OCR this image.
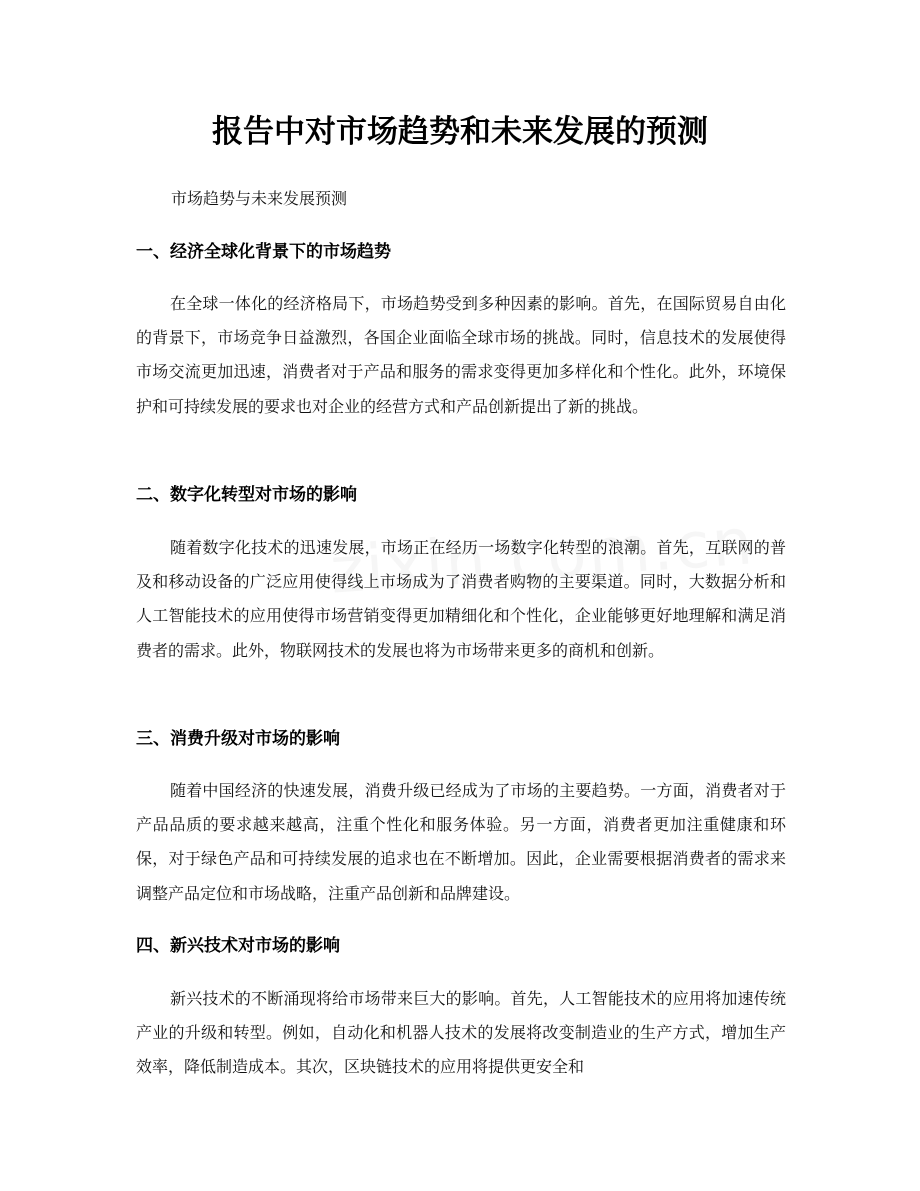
报告中对市场趋势和未来发展的预测

市场趋势与未来发展预测

一、经济全球化背景下的市场趋势

在全球一体化的经济格局下，市场趋势受到多种因素的影响。首先，在国际贸易自由化的背景下，市场竞争日益激烈，各国企业面临全球市场的挑战。同时，信息技术的发展使得市场交流更加迅速，消费者对于产品和服务的需求变得更加多样化和个性化。此外，环境保护和可持续发展的要求也对企业的经营方式和产品创新提出了新的挑战。

二、数字化转型对市场的影响

随着数字化技术的迅速发展，市场正在经历一场数字化转型的浪潮。首先，互联网的普及和移动设备的广泛应用使得线上市场成为了消费者购物的主要渠道。同时，大数据分析和人工智能技术的应用使得市场营销变得更加精细化和个性化，企业能够更好地理解和满足消费者的需求。此外，物联网技术的发展也将为市场带来更多的商机和创新。

三、消费升级对市场的影响

随着中国经济的快速发展，消费升级已经成为了市场的主要趋势。一方面，消费者对于产品品质的要求越来越高，注重个性化和服务体验。另一方面，消费者更加注重健康和环保，对于绿色产品和可持续发展的追求也在不断增加。因此，企业需要根据消费者的需求来调整产品定位和市场战略，注重产品创新和品牌建设。

四、新兴技术对市场的影响

新兴技术的不断涌现将给市场带来巨大的影响。首先，人工智能技术的应用将加速传统产业的升级和转型。例如，自动化和机器人技术的发展将改变制造业的生产方式，增加生产效率，降低制造成本。其次，区块链技术的应用将提供更安全和
